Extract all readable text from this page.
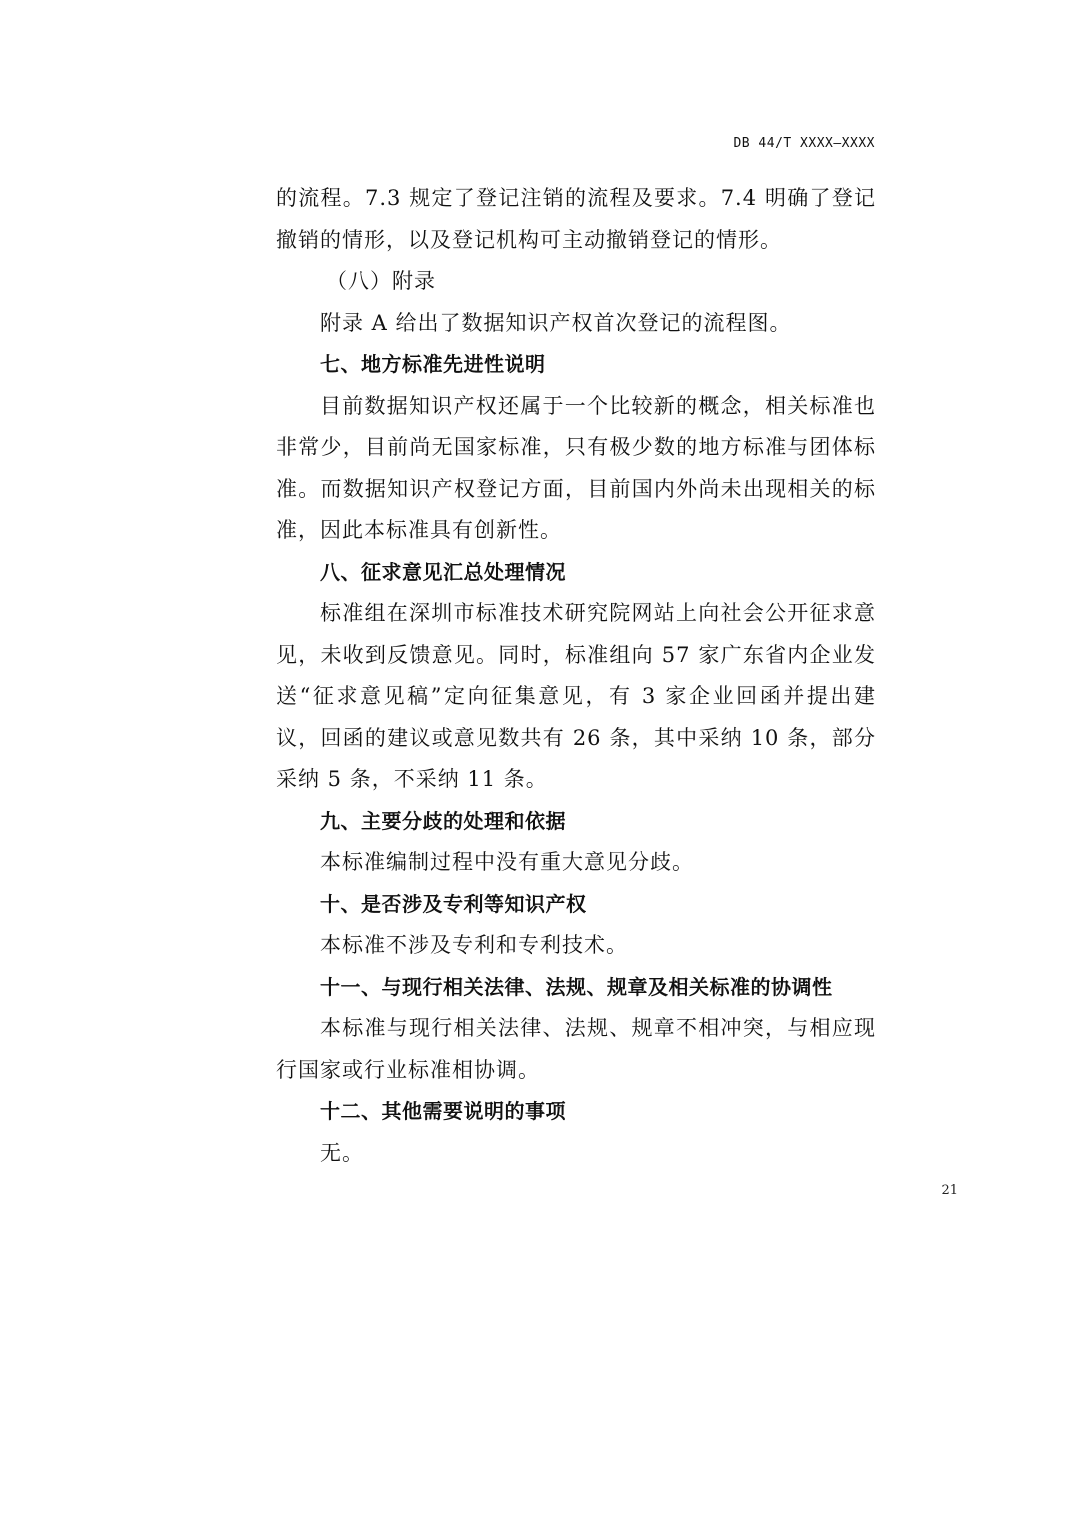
DB 44/T XXXX—XXXX

的流程。7.3 规定了登记注销的流程及要求。7.4 明确了登记撤销的情形，以及登记机构可主动撤销登记的情形。

（八）附录

附录 A 给出了数据知识产权首次登记的流程图。

七、地方标准先进性说明

目前数据知识产权还属于一个比较新的概念，相关标准也非常少，目前尚无国家标准，只有极少数的地方标准与团体标准。而数据知识产权登记方面，目前国内外尚未出现相关的标准，因此本标准具有创新性。

八、征求意见汇总处理情况

标准组在深圳市标准技术研究院网站上向社会公开征求意见，未收到反馈意见。同时，标准组向 57 家广东省内企业发送“征求意见稿”定向征集意见，有 3 家企业回函并提出建议，回函的建议或意见数共有 26 条，其中采纳 10 条，部分采纳 5 条，不采纳 11 条。

九、主要分歧的处理和依据

本标准编制过程中没有重大意见分歧。

十、是否涉及专利等知识产权

本标准不涉及专利和专利技术。

十一、与现行相关法律、法规、规章及相关标准的协调性

本标准与现行相关法律、法规、规章不相冲突，与相应现行国家或行业标准相协调。

十二、其他需要说明的事项

无。

21
